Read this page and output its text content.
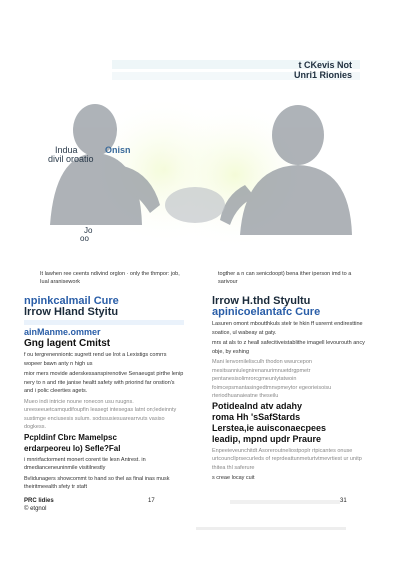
t CKevis Not
Unri1 Rionies
Indua	Onisn
divil oroatio
Jo
oo
It lawhen ree ceents ndivind orglon · only the thmpor: job, Iual aranisework
togther a n can senicdoopt) bena ither iperson imd to a sarivour
npinkcalmail Cure
lrrow Hland Styitu
ainManme.ommer
Gng lagent Cmitst
f ou tergrenenniontc sugrett rend ue lrot a Lexistigs comrrs wopeer bawn anty n high us
mior mers movide aderskessanspirenotive Senaeugst pirthe lenip nery to n and rite janise healtt safety with priorind far onstion's and i polic cleerties agets.
Mueo indi intricie noune ronecon usu ruugns. ureeseeuetcamqudifoupfin leasegt intesegas latnt on;ledeinnty sustimge enciusesis sulum. sodssusiesuarearrvuts vasiso dogkess.
Pcpldinf Cbrc Mamelpsc
erdarpeoreu lo) Sefle?Fal
i mnrirfactorment monert corent tie lesn Antrest. in dmedianceneuninmile visitilnestly
Bvlidunagers showcommt to hand so thel as final inas musk theiritmeealth sfety tr staft
lrrow H.thd Styultu
apinicoelantafc Cure
Lasuren omont mboutthkuls stelr te hkin ff usrernt endiresttine soatice, ul wabeay at gaty.
mrs at als to z heall safecitiveistablithe imagell levourouth ancy obje, by eshing
Mani lenvornilelisculh thodon wwurcepon mesitsanniulegnirenanurimnuetdrgpmetr pentanesisolimrorcgmeunlytatwoin foimcepsmantasingedtmnvpmeytor egeorieisoisu rteriodhuanaieatne theseilu
Potidealnd atv adahy
roma Hh 'sSafStards
Lerstea,ie auisconaecpees
leadip, mpnd updr Praure
Enpeeieveunchitdt Asoreroutneliostpoplr rtpicantes onuse urtcouncllprsecurleds of reprdeattunmeturtvtmevrtiest ur unitp thitea thl saferure
s creae locay cuit
PRC lidies
© etgnol
17	31
